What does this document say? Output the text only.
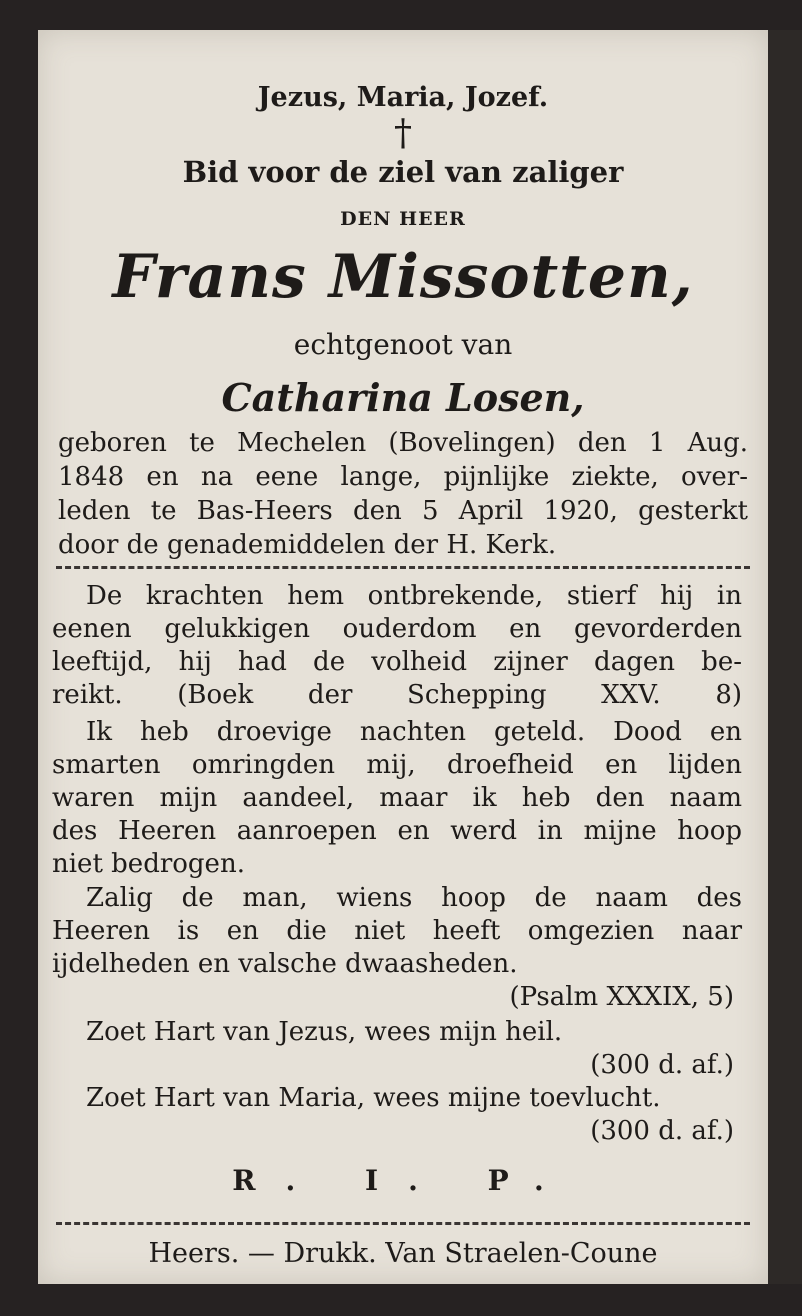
Jezus, Maria, Jozef.
†
Bid voor de ziel van zaliger
DEN HEER
Frans Missotten,
echtgenoot van
Catharina Losen,
geboren te Mechelen (Bovelingen) den 1 Aug.
1848 en na eene lange, pijnlijke ziekte, over-
leden te Bas-Heers den 5 April 1920, gesterkt
door de genademiddelen der H. Kerk.
De krachten hem ontbrekende, stierf hij in
eenen gelukkigen ouderdom en gevorderden
leeftijd, hij had de volheid zijner dagen be-
reikt. (Boek der Schepping XXV. 8)
Ik heb droevige nachten geteld. Dood en
smarten omringden mij, droefheid en lijden
waren mijn aandeel, maar ik heb den naam
des Heeren aanroepen en werd in mijne hoop
niet bedrogen.
Zalig de man, wiens hoop de naam des
Heeren is en die niet heeft omgezien naar
ijdelheden en valsche dwaasheden.
(Psalm XXXIX, 5)
Zoet Hart van Jezus, wees mijn heil.
(300 d. af.)
Zoet Hart van Maria, wees mijne toevlucht.
(300 d. af.)
R. I. P.
Heers. — Drukk. Van Straelen-Coune
